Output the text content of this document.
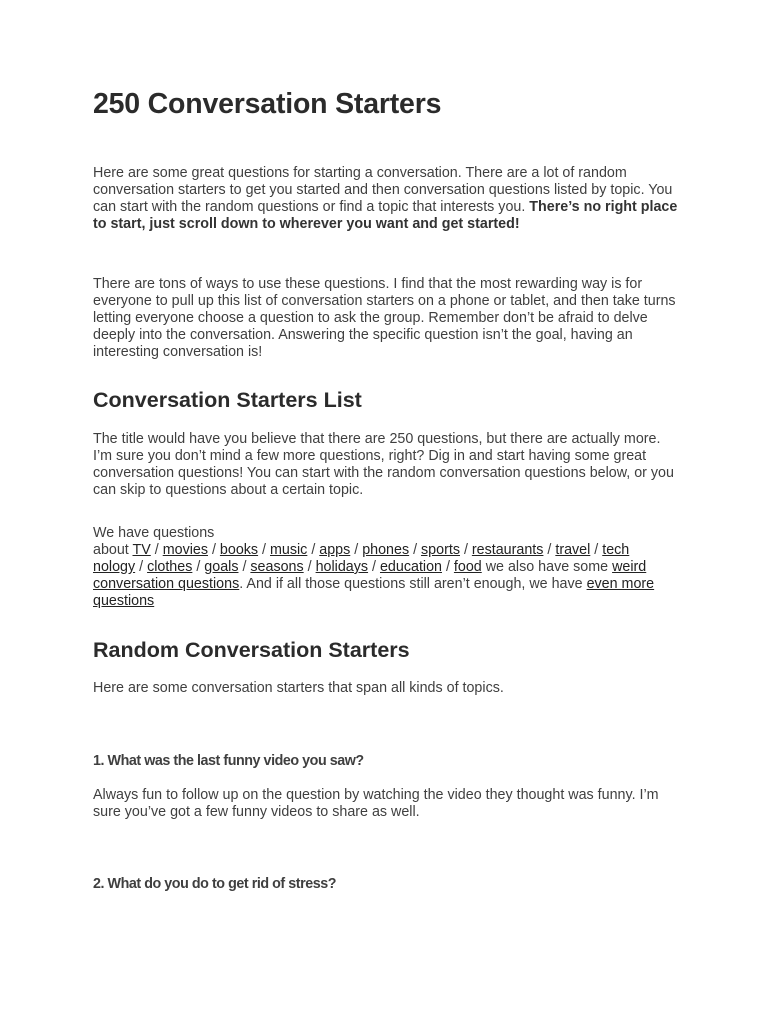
250 Conversation Starters

Here are some great questions for starting a conversation. There are a lot of random conversation starters to get you started and then conversation questions listed by topic. You can start with the random questions or find a topic that interests you. There’s no right place to start, just scroll down to wherever you want and get started!

There are tons of ways to use these questions. I find that the most rewarding way is for everyone to pull up this list of conversation starters on a phone or tablet, and then take turns letting everyone choose a question to ask the group. Remember don’t be afraid to delve deeply into the conversation. Answering the specific question isn’t the goal, having an interesting conversation is!

Conversation Starters List

The title would have you believe that there are 250 questions, but there are actually more. I’m sure you don’t mind a few more questions, right? Dig in and start having some great conversation questions! You can start with the random conversation questions below, or you can skip to questions about a certain topic.

We have questions
about TV / movies / books / music / apps / phones / sports / restaurants / travel / tech
nology / clothes / goals / seasons / holidays / education / food we also have some weird conversation questions. And if all those questions still aren’t enough, we have even more questions

Random Conversation Starters

Here are some conversation starters that span all kinds of topics.

1. What was the last funny video you saw?

Always fun to follow up on the question by watching the video they thought was funny. I’m sure you’ve got a few funny videos to share as well.

2. What do you do to get rid of stress?
